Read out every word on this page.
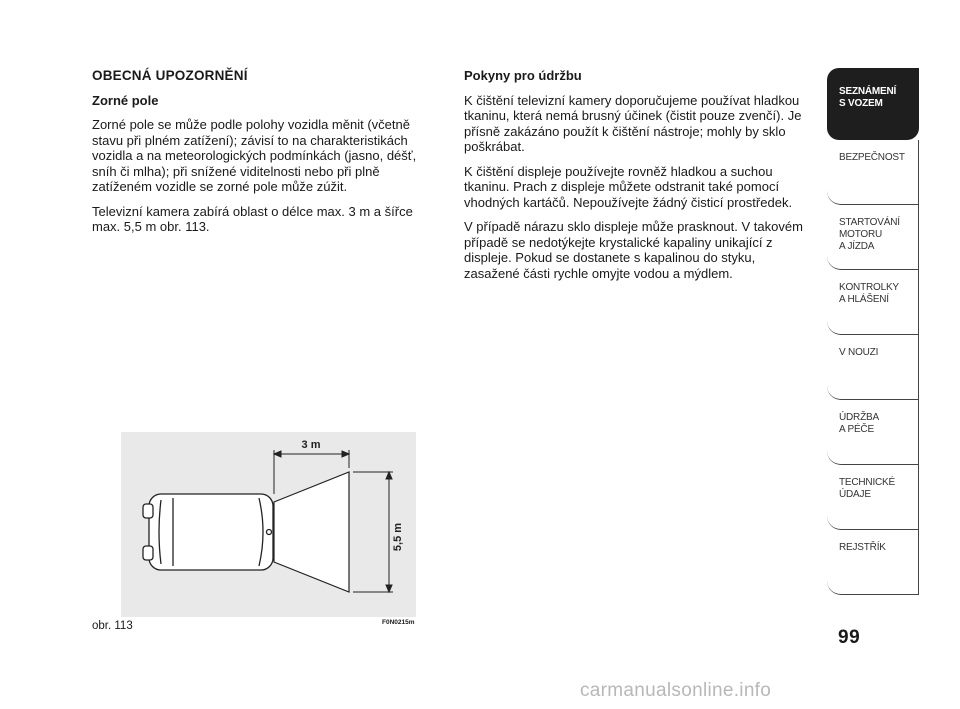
OBECNÁ UPOZORNĚNÍ

Zorné pole

Zorné pole se může podle polohy vozidla měnit (včetně stavu při plném zatížení); závisí to na charakteristikách vozidla a na meteorologických podmínkách (jasno, déšť, sníh či mlha); při snížené viditelnosti nebo při plně zatíženém vozidle se zorné pole může zúžit.

Televizní kamera zabírá oblast o délce max. 3 m a šířce max. 5,5 m obr. 113.

Pokyny pro údržbu

K čištění televizní kamery doporučujeme používat hladkou tkaninu, která nemá brusný účinek (čistit pouze zvenčí). Je přísně zakázáno použít k čištění nástroje; mohly by sklo poškrábat.

K čištění displeje používejte rovněž hladkou a suchou tkaninu. Prach z displeje můžete odstranit také pomocí vhodných kartáčů. Nepoužívejte žádný čisticí prostředek.

V případě nárazu sklo displeje může prasknout. V takovém případě se nedotýkejte krystalické kapaliny unikající z displeje. Pokud se dostanete s kapalinou do styku, zasažené části rychle omyjte vodou a mýdlem.

3 m
5,5 m
obr. 113	F0N0215m
SEZNÁMENÍ
S VOZEM
BEZPEČNOST
STARTOVÁNÍ
MOTORU
A JÍZDA
KONTROLKY
A HLÁŠENÍ
V NOUZI
ÚDRŽBA
A PÉČE
TECHNICKÉ
ÚDAJE
REJSTŘÍK
99
carmanualsonline.info
